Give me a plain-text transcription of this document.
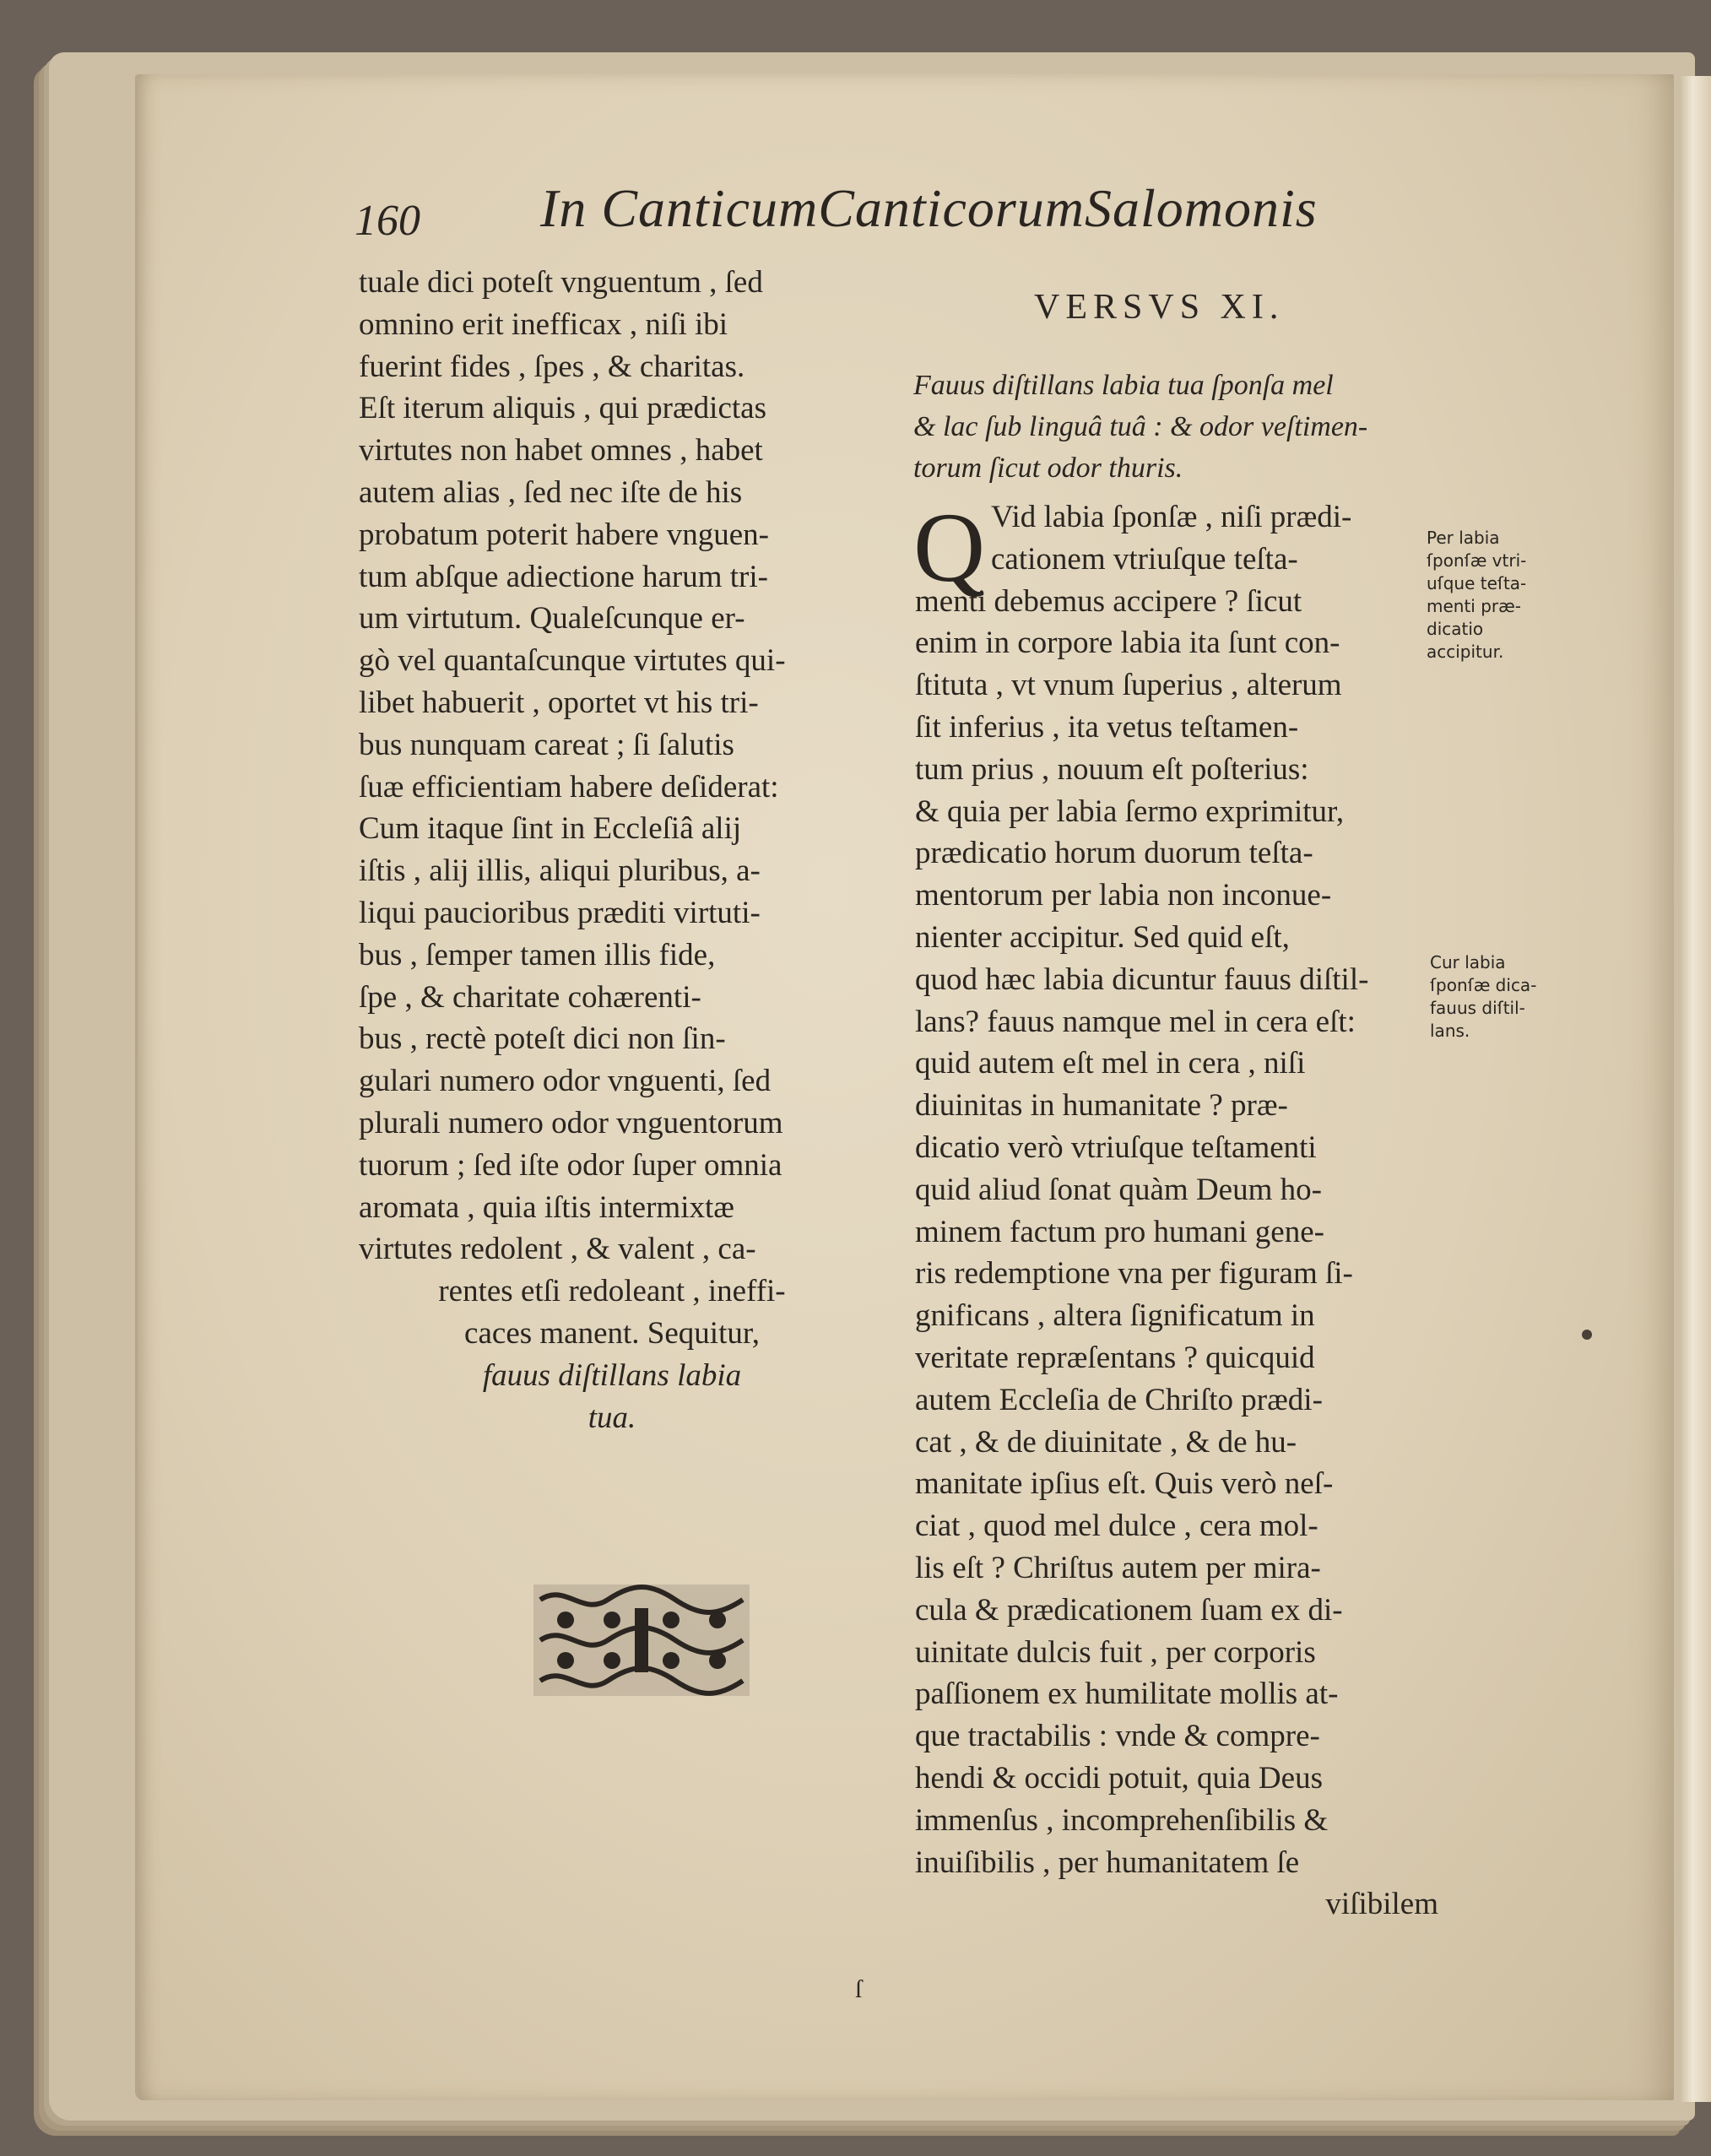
160 In CanticumCanticorumSalomonis
tuale dici poteſt vnguentum , ſed
omnino erit inefficax , niſi ibi
fuerint fides , ſpes , & charitas.
Eſt iterum aliquis , qui prædictas
virtutes non habet omnes , habet
autem alias , ſed nec iſte de his
probatum poterit habere vnguen-
tum abſque adiectione harum tri-
um virtutum. Qualeſcunque er-
gò vel quantaſcunque virtutes qui-
libet habuerit , oportet vt his tri-
bus nunquam careat ; ſi ſalutis
ſuæ efficientiam habere deſiderat:
Cum itaque ſint in Eccleſiâ alij
iſtis , alij illis, aliqui pluribus, a-
liqui paucioribus præditi virtuti-
bus , ſemper tamen illis fide,
ſpe , & charitate cohærenti-
bus , rectè poteſt dici non ſin-
gulari numero odor vnguenti, ſed
plurali numero odor vnguentorum
tuorum ; ſed iſte odor ſuper omnia
aromata , quia iſtis intermixtæ
virtutes redolent , & valent , ca-
rentes etſi redoleant , ineffi-
caces manent. Sequitur,
fauus diſtillans labia
tua.
VERSVS XI.
Fauus diſtillans labia tua ſponſa mel
& lac ſub linguâ tuâ : & odor veſtimen-
torum ſicut odor thuris.
Q Vid labia ſponſæ , niſi prædi-
cationem vtriuſque teſta-
menti debemus accipere ? ſicut
enim in corpore labia ita ſunt con-
ſtituta , vt vnum ſuperius , alterum
ſit inferius , ita vetus teſtamen-
tum prius , nouum eſt poſterius:
& quia per labia ſermo exprimitur,
prædicatio horum duorum teſta-
mentorum per labia non inconue-
nienter accipitur. Sed quid eſt,
quod hæc labia dicuntur fauus diſtil-
lans? fauus namque mel in cera eſt:
quid autem eſt mel in cera , niſi
diuinitas in humanitate ? præ-
dicatio verò vtriuſque teſtamenti
quid aliud ſonat quàm Deum ho-
minem factum pro humani gene-
ris redemptione vna per figuram ſi-
gnificans , altera ſignificatum in
veritate repræſentans ? quicquid
autem Eccleſia de Chriſto prædi-
cat , & de diuinitate , & de hu-
manitate ipſius eſt. Quis verò neſ-
ciat , quod mel dulce , cera mol-
lis eſt ? Chriſtus autem per mira-
cula & prædicationem ſuam ex di-
uinitate dulcis fuit , per corporis
paſſionem ex humilitate mollis at-
que tractabilis : vnde & compre-
hendi & occidi potuit, quia Deus
immenſus , incomprehenſibilis &
inuiſibilis , per humanitatem ſe
viſibilem
Per labia
ſponſæ vtri-
uſque teſta-
menti præ-
dicatio
accipitur.
Cur labia
ſponſæ dica-
fauus diſtil-
lans.
ſ
